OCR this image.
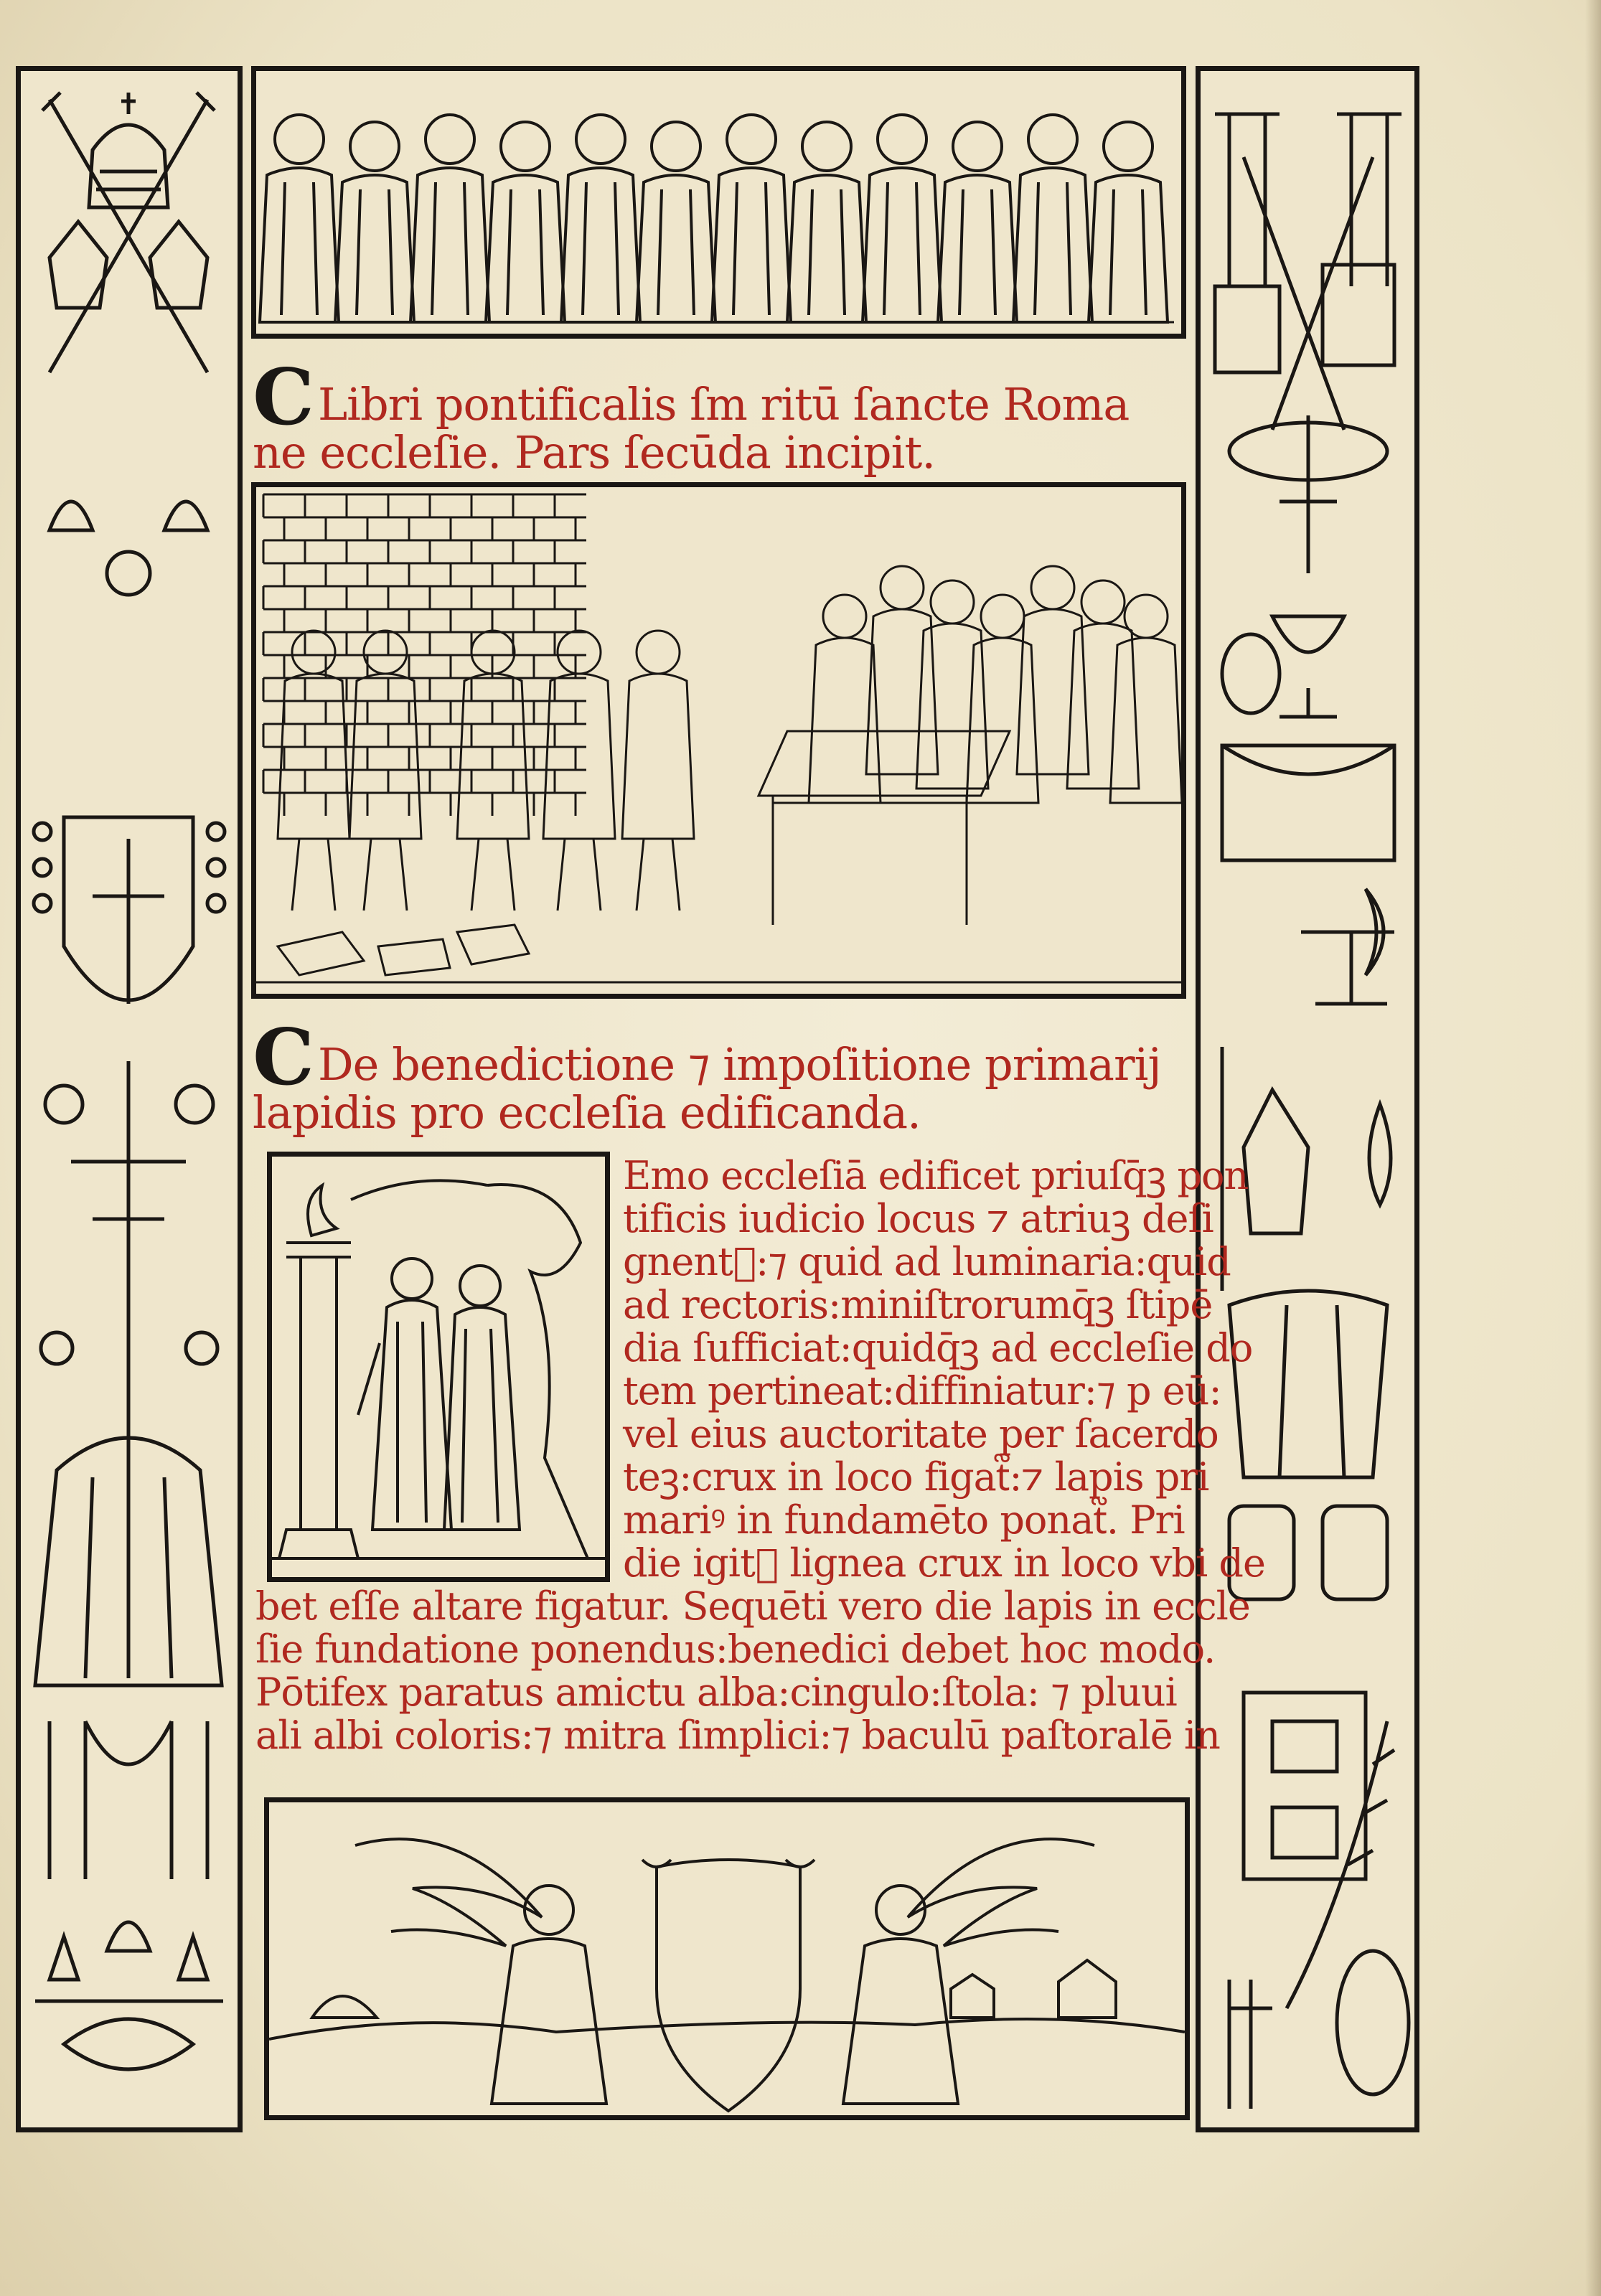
CLibri pontificalis ſm ritū ſancte Roma
ne eccleſie. Pars ſecūda incipit.
CDe benedictione ⁊ impoſitione primarij
lapidis pro eccleſia edificanda.
Emo eccleſiā edificet priuſq̄ꝫ pon
tificis iudicio locus ⁊ atriuꝫ deſi
gnent᷑:⁊ quid ad luminaria:quid
ad rectoris:miniſtrorumq̄ꝫ ſtipē
dia ſufficiat:quidq̄ꝫ ad eccleſie do
tem pertineat:diffiniatur:⁊ p eū:
vel eius auctoritate per ſacerdo
teꝫ:crux in loco figat᷑:⁊ lapis pri
mariꝰ in fundamēto ponat᷑. Pri
die igit᷑ lignea crux in loco vbi de
bet eſſe altare figatur. Sequēti vero die lapis in eccle
ſie fundatione ponendus:benedici debet hoc modo.
Pōtifex paratus amictu alba:cingulo:ſtola: ⁊ pluui
ali albi coloris:⁊ mitra ſimplici:⁊ baculū paſtoralē in
